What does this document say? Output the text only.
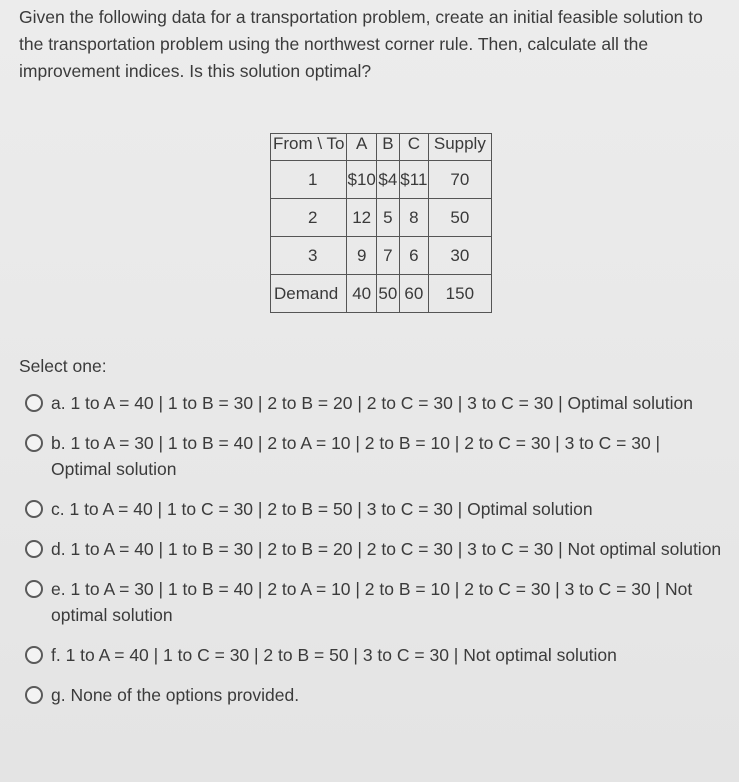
Given the following data for a transportation problem, create an initial feasible solution to the transportation problem using the northwest corner rule. Then, calculate all the improvement indices. Is this solution optimal?
From \ To	A	B	C	Supply
1	$10	$4	$11	70
2	12	5	8	50
3	9	7	6	30
Demand	40	50	60	150
Select one:
a. 1 to A = 40 | 1 to B = 30 | 2 to B = 20 | 2 to C = 30 | 3 to C = 30 | Optimal solution
b. 1 to A = 30 | 1 to B = 40 | 2 to A = 10 | 2 to B = 10 | 2 to C = 30 | 3 to C = 30 | Optimal solution
c. 1 to A = 40 | 1 to C = 30 | 2 to B = 50 | 3 to C = 30 | Optimal solution
d. 1 to A = 40 | 1 to B = 30 | 2 to B = 20 | 2 to C = 30 | 3 to C = 30 | Not optimal solution
e. 1 to A = 30 | 1 to B = 40 | 2 to A = 10 | 2 to B = 10 | 2 to C = 30 | 3 to C = 30 | Not optimal solution
f. 1 to A = 40 | 1 to C = 30 | 2 to B = 50 | 3 to C = 30 | Not optimal solution
g. None of the options provided.
